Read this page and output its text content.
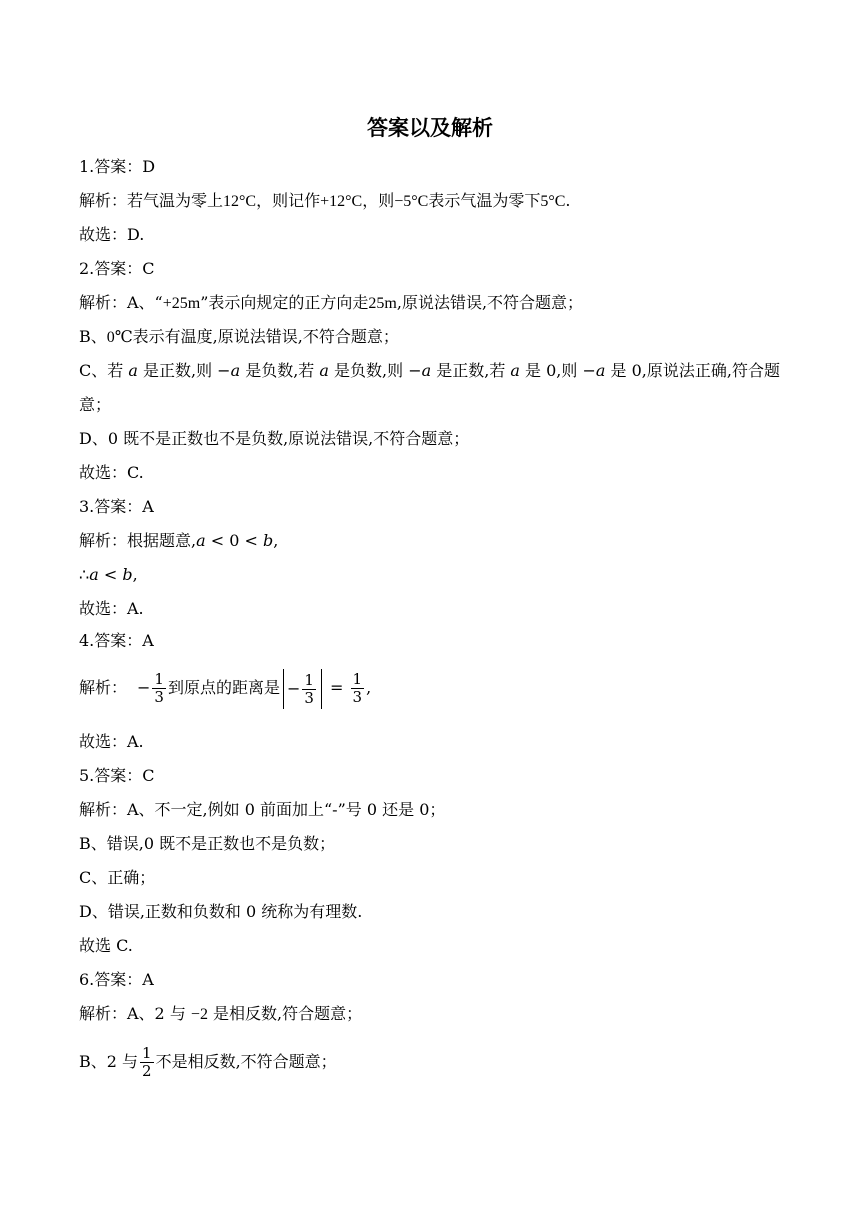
答案以及解析
1.答案：D
解析：若气温为零上12°C，则记作+12°C，则−5°C表示气温为零下5°C.
故选：D.
2.答案：C
解析：A、“+25m”表示向规定的正方向走25m,原说法错误,不符合题意；
B、0℃表示有温度,原说法错误,不符合题意；
C、若 a 是正数,则 −a 是负数,若 a 是负数,则 −a 是正数,若 a 是 0,则 −a 是 0,原说法正确,符合题
意；
D、0 既不是正数也不是负数,原说法错误,不符合题意；
故选：C.
3.答案：A
解析：根据题意,a < 0 < b,
∴a < b,
故选：A.
4.答案：A
解析： − $\frac{1}{3}$ 到原点的距离是 − $\frac{1}{3} = \frac{1}{3}$ ,
故选：A.
5.答案：C
解析：A、不一定,例如 0 前面加上“-”号 0 还是 0；
B、错误,0 既不是正数也不是负数；
C、正确；
D、错误,正数和负数和 0 统称为有理数.
故选 C.
6.答案：A
解析：A、2 与 −2 是相反数,符合题意；
B、2 与 $\frac{1}{2}$ 不是相反数,不符合题意；
